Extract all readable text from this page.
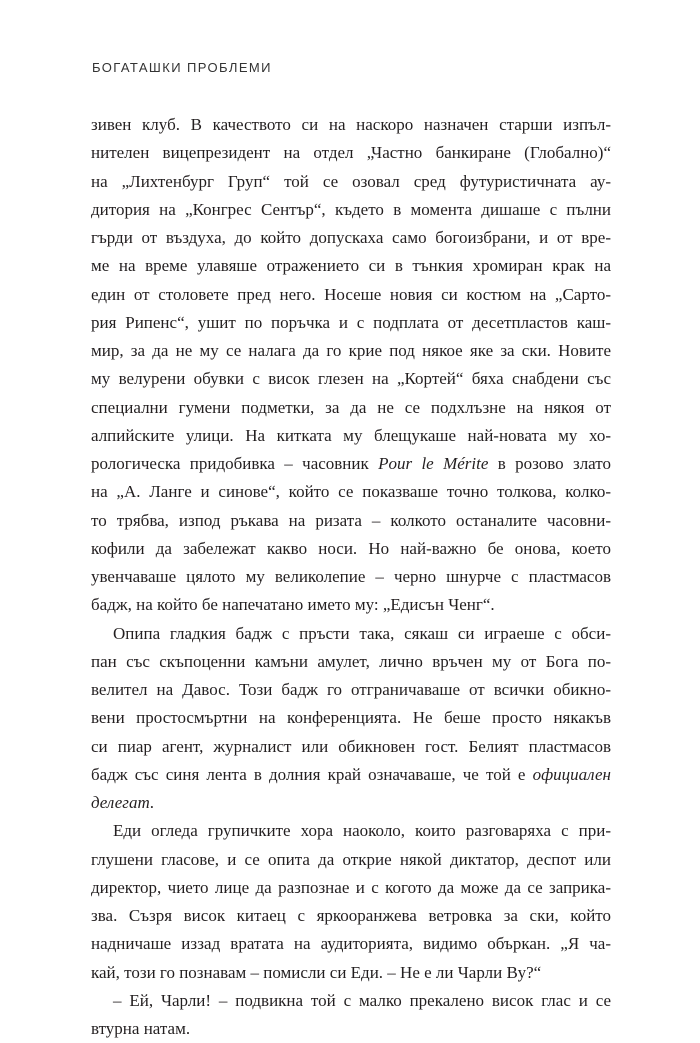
БОГАТАШКИ ПРОБЛЕМИ
зивен клуб. В качеството си на наскоро назначен старши изпъл-
нителен вицепрезидент на отдел „Частно банкиране (Глобално)“
на „Лихтенбург Груп“ той се озовал сред футуристичната ау-
дитория на „Конгрес Сентър“, където в момента дишаше с пълни
гърди от въздуха, до който допускаха само богоизбрани, и от вре-
ме на време улавяше отражението си в тънкия хромиран крак на
един от столовете пред него. Носеше новия си костюм на „Сарто-
рия Рипенс“, ушит по поръчка и с подплата от десетпластов каш-
мир, за да не му се налага да го крие под някое яке за ски. Новите
му велурени обувки с висок глезен на „Кортей“ бяха снабдени със
специални гумени подметки, за да не се подхлъзне на някоя от
алпийските улици. На китката му блещукаше най-новата му хо-
рологическа придобивка – часовник Pour le Mérite в розово злато
на „А. Ланге и синове“, който се показваше точно толкова, колко-
то трябва, изпод ръкава на ризата – колкото останалите часовни-
кофили да забележат какво носи. Но най-важно бе онова, което
увенчаваше цялото му великолепие – черно шнурче с пластмасов
бадж, на който бе напечатано името му: „Едисън Ченг“.
Опипа гладкия бадж с пръсти така, сякаш си играеше с обси-
пан със скъпоценни камъни амулет, лично връчен му от Бога по-
велител на Давос. Този бадж го отграничаваше от всички обикно-
вени простосмъртни на конференцията. Не беше просто някакъв
си пиар агент, журналист или обикновен гост. Белият пластмасов
бадж със синя лента в долния край означаваше, че той е официален
делегат.
Еди огледа групичките хора наоколо, които разговаряха с при-
глушени гласове, и се опита да открие някой диктатор, деспот или
директор, чието лице да разпознае и с когото да може да се заприка-
зва. Съзря висок китаец с яркооранжева ветровка за ски, който
надничаше иззад вратата на аудиторията, видимо объркан. „Я ча-
кай, този го познавам – помисли си Еди. – Не е ли Чарли Ву?“
– Ей, Чарли! – подвикна той с малко прекалено висок глас и се
втурна натам.
